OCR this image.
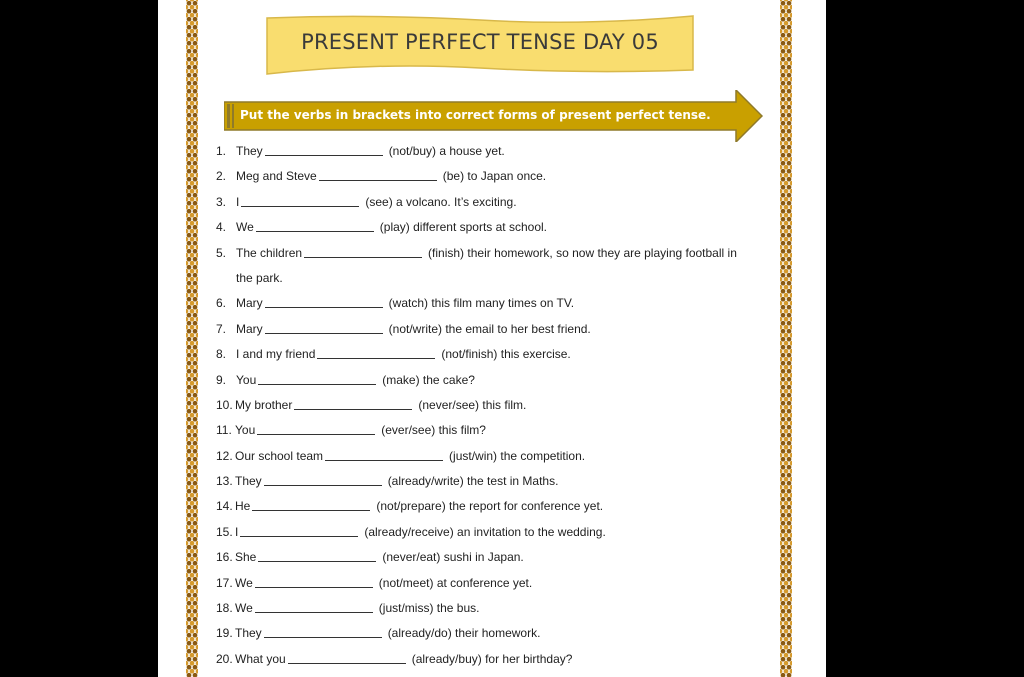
PRESENT PERFECT TENSE DAY 05
Put the verbs in brackets into correct forms of present perfect tense.
1. They	(not/buy) a house yet.
2. Meg and Steve	(be) to Japan once.
3. I	(see) a volcano. It’s exciting.
4. We	(play) different sports at school.
5. The children	(finish) their homework, so now they are playing football in
the park.
6. Mary	(watch) this film many times on TV.
7. Mary	(not/write) the email to her best friend.
8. I and my friend	(not/finish) this exercise.
9. You	(make) the cake?
10. My brother	(never/see) this film.
11. You	(ever/see) this film?
12. Our school team	(just/win) the competition.
13. They	(already/write) the test in Maths.
14. He	(not/prepare) the report for conference yet.
15. I	(already/receive) an invitation to the wedding.
16. She	(never/eat) sushi in Japan.
17. We	(not/meet) at conference yet.
18. We	(just/miss) the bus.
19. They	(already/do) their homework.
20. What you	(already/buy) for her birthday?
